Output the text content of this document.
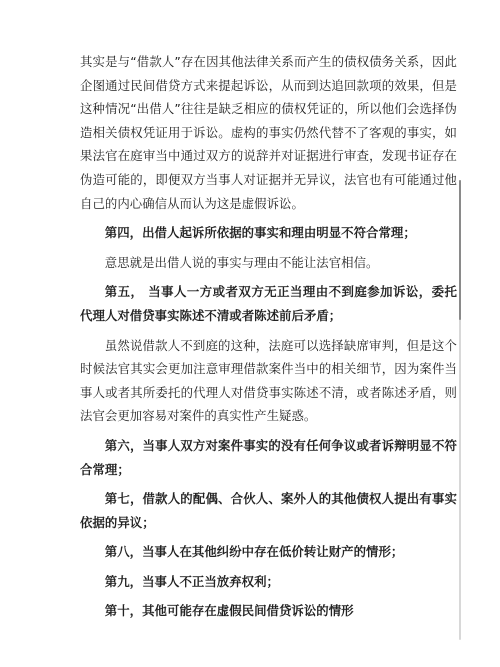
其实是与“借款人”存在因其他法律关系而产生的债权债务关系，因此企图通过民间借贷方式来提起诉讼，从而到达追回款项的效果，但是这种情况“出借人”往往是缺乏相应的债权凭证的，所以他们会选择伪造相关债权凭证用于诉讼。虚构的事实仍然代替不了客观的事实，如果法官在庭审当中通过双方的说辞并对证据进行审查，发现书证存在伪造可能的，即便双方当事人对证据并无异议，法官也有可能通过他自己的内心确信从而认为这是虚假诉讼。

第四，出借人起诉所依据的事实和理由明显不符合常理；

意思就是出借人说的事实与理由不能让法官相信。

第五， 当事人一方或者双方无正当理由不到庭参加诉讼，委托代理人对借贷事实陈述不清或者陈述前后矛盾；

虽然说借款人不到庭的这种，法庭可以选择缺席审判，但是这个时候法官其实会更加注意审理借款案件当中的相关细节，因为案件当事人或者其所委托的代理人对借贷事实陈述不清，或者陈述矛盾，则法官会更加容易对案件的真实性产生疑惑。

第六，当事人双方对案件事实的没有任何争议或者诉辩明显不符合常理；

第七，借款人的配偶、合伙人、案外人的其他债权人提出有事实依据的异议；

第八，当事人在其他纠纷中存在低价转让财产的情形；

第九，当事人不正当放弃权利；

第十，其他可能存在虚假民间借贷诉讼的情形
